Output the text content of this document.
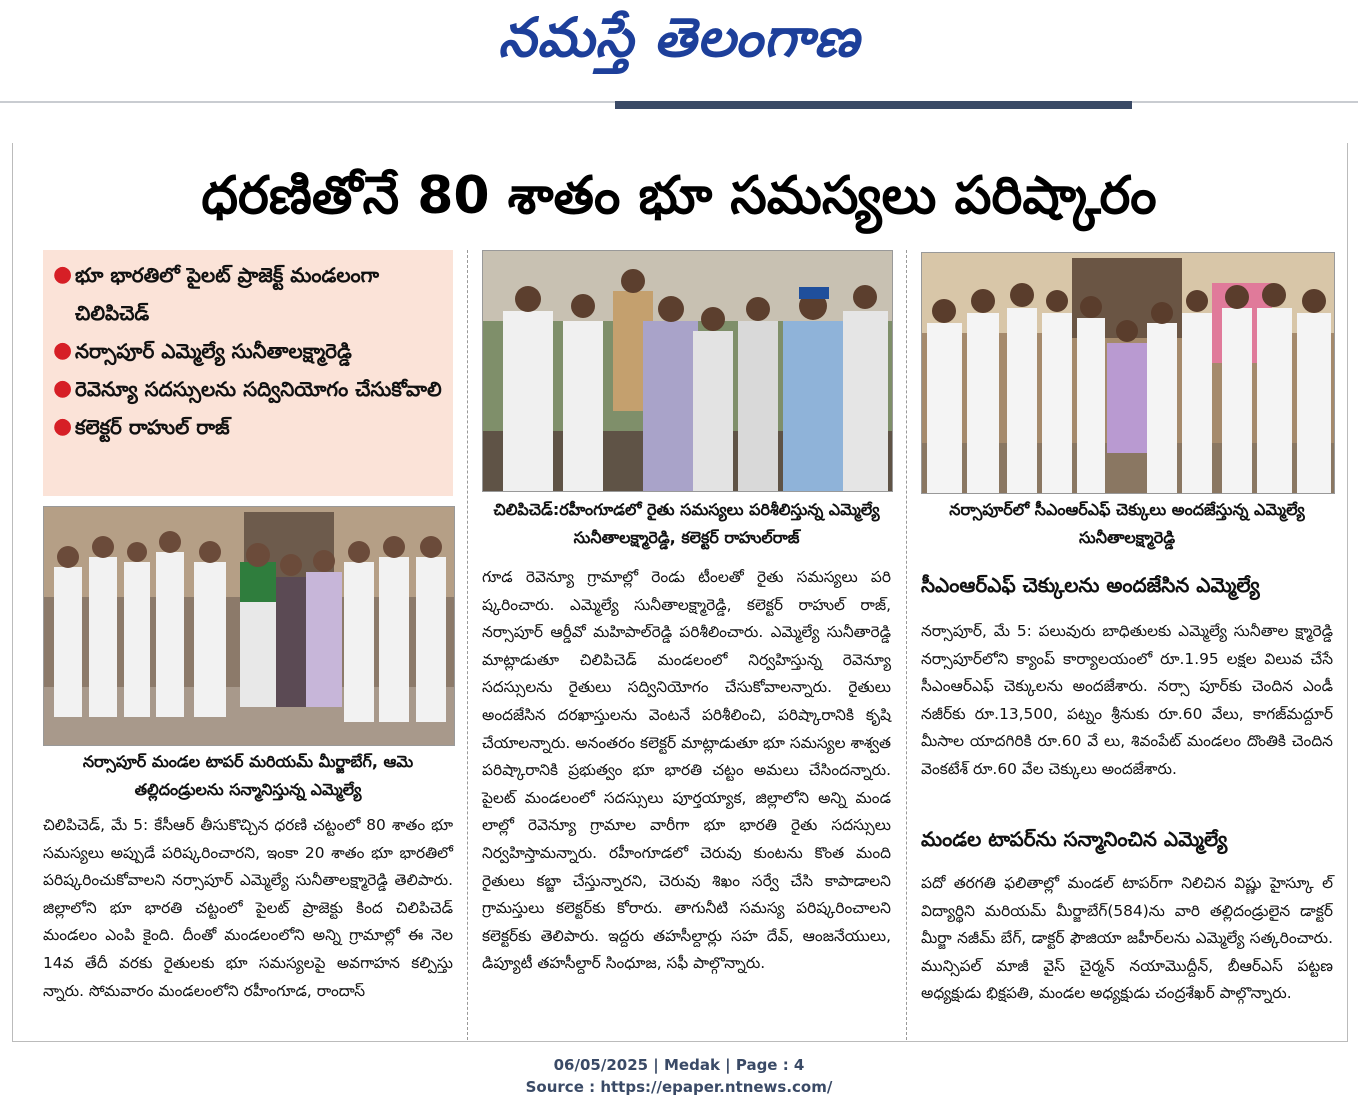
నమస్తే తెలంగాణ
ధరణితోనే 80 శాతం భూ సమస్యలు పరిష్కారం
● భూ భారతిలో పైలట్ ప్రాజెక్ట్ మండలంగా చిలిపిచెడ్
● నర్సాపూర్ ఎమ్మెల్యే సునీతాలక్ష్మారెడ్డి
● రెవెన్యూ సదస్సులను సద్వినియోగం చేసుకోవాలి
● కలెక్టర్ రాహుల్ రాజ్
నర్సాపూర్ మండల టాపర్ మరియమ్ మీర్జాబేగ్, ఆమె తల్లిదండ్రులను సన్మానిస్తున్న ఎమ్మెల్యే
చిలిపిచెడ్:రహీంగూడలో రైతు సమస్యలు పరిశీలిస్తున్న ఎమ్మెల్యే సునీతాలక్ష్మారెడ్డి, కలెక్టర్ రాహుల్‌రాజ్
నర్సాపూర్‌లో సీఎంఆర్‌ఎఫ్ చెక్కులు అందజేస్తున్న ఎమ్మెల్యే సునీతాలక్ష్మారెడ్డి

చిలిపిచెడ్, మే 5: కేసీఆర్ తీసుకొచ్చిన ధరణి చట్టంలో 80 శాతం భూ సమస్యలు అప్పుడే పరిష్కరించారని, ఇంకా 20 శాతం భూ భారతిలో పరిష్కరించుకోవాలని నర్సాపూర్ ఎమ్మెల్యే సునీతాలక్ష్మారెడ్డి తెలిపారు. జిల్లాలోని భూ భారతి చట్టంలో పైలట్ ప్రాజెక్టు కింద చిలిపిచెడ్ మండలం ఎంపి కైంది. దీంతో మండలంలోని అన్ని గ్రామాల్లో ఈ నెల 14వ తేదీ వరకు రైతులకు భూ సమస్యలపై అవగాహన కల్పిస్తు న్నారు. సోమవారం మండలంలోని రహీంగూడ, రాందాస్

గూడ రెవెన్యూ గ్రామాల్లో రెండు టీంలతో రైతు సమస్యలు పరి ష్కరించారు. ఎమ్మెల్యే సునీతాలక్ష్మారెడ్డి, కలెక్టర్ రాహుల్ రాజ్, నర్సాపూర్ ఆర్డీవో మహిపాల్‌రెడ్డి పరిశీలించారు. ఎమ్మెల్యే సునీతారెడ్డి మాట్లాడుతూ చిలిపిచెడ్ మండలంలో నిర్వహిస్తున్న రెవెన్యూ సదస్సులను రైతులు సద్వినియోగం చేసుకోవాలన్నారు. రైతులు అందజేసిన దరఖాస్తులను వెంటనే పరిశీలించి, పరిష్కారానికి కృషి చేయాలన్నారు. అనంతరం కలెక్టర్ మాట్లాడుతూ భూ సమస్యల శాశ్వత పరిష్కారానికి ప్రభుత్వం భూ భారతి చట్టం అమలు చేసిందన్నారు. పైలట్ మండలంలో సదస్సులు పూర్తయ్యాక, జిల్లాలోని అన్ని మండ లాల్లో రెవెన్యూ గ్రామాల వారీగా భూ భారతి రైతు సదస్సులు నిర్వహిస్తామన్నారు. రహీంగూడలో చెరువు కుంటను కొంత మంది రైతులు కబ్జా చేస్తున్నారని, చెరువు శిఖం సర్వే చేసి కాపాడాలని గ్రామస్తులు కలెక్టర్‌కు కోరారు. తాగునీటి సమస్య పరిష్కరించాలని కలెక్టర్‌కు తెలిపారు. ఇద్దరు తహసీల్దార్లు సహ దేవ్, ఆంజనేయులు, డిప్యూటీ తహసీల్దార్ సింధూజ, సఫీ పాల్గొన్నారు.

సీఎంఆర్‌ఎఫ్ చెక్కులను అందజేసిన ఎమ్మెల్యే

నర్సాపూర్, మే 5: పలువురు బాధితులకు ఎమ్మెల్యే సునీతాల క్ష్మారెడ్డి నర్సాపూర్‌లోని క్యాంప్ కార్యాలయంలో రూ.1.95 లక్షల విలువ చేసే సీఎంఆర్‌ఎఫ్ చెక్కులను అందజేశారు. నర్సా పూర్‌కు చెందిన ఎండీ నజీర్‌కు రూ.13,500, పట్నం శ్రీనుకు రూ.60 వేలు, కాగజ్‌మద్దూర్ మీసాల యాదగిరికి రూ.60 వే లు, శివంపేట్ మండలం దొంతికి చెందిన వెంకటేశ్ రూ.60 వేల చెక్కులు అందజేశారు.

మండల టాపర్‌ను సన్మానించిన ఎమ్మెల్యే

పదో తరగతి ఫలితాల్లో మండల్ టాపర్‌గా నిలిచిన విష్ణు హైస్కూ ల్ విద్యార్థిని మరియమ్ మీర్జాబేగ్(584)ను వారి తల్లిదండ్రులైన డాక్టర్ మీర్జా నజీమ్ బేగ్, డాక్టర్ ఫౌజియా జహీర్‌లను ఎమ్మెల్యే సత్కరించారు. మున్సిపల్ మాజీ వైస్ చైర్మన్ నయామొద్దీన్, బీఆర్ఎస్ పట్టణ అధ్యక్షుడు భిక్షపతి, మండల అధ్యక్షుడు చంద్రశేఖర్ పాల్గొన్నారు.

06/05/2025 | Medak | Page : 4
Source : https://epaper.ntnews.com/
